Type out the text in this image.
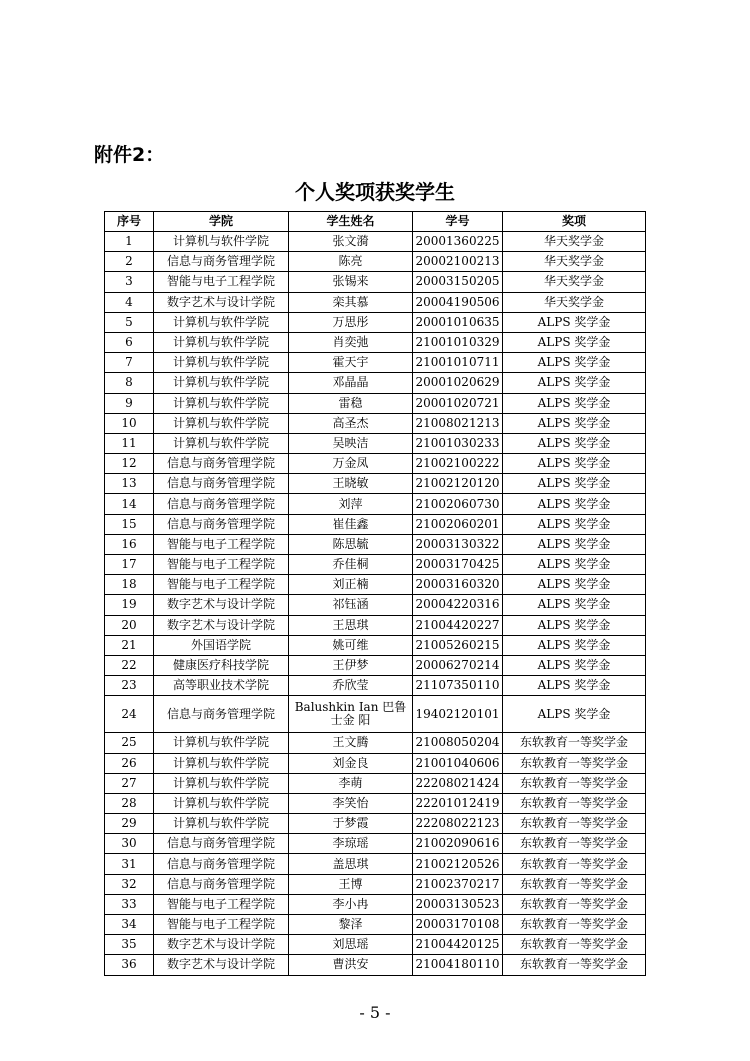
附件2：
个人奖项获奖学生
序号	学院	学生姓名	学号	奖项
1	计算机与软件学院	张文漪	20001360225	华天奖学金
2	信息与商务管理学院	陈亮	20002100213	华天奖学金
3	智能与电子工程学院	张锡来	20003150205	华天奖学金
4	数字艺术与设计学院	栾其慕	20004190506	华天奖学金
5	计算机与软件学院	万思彤	20001010635	ALPS 奖学金
6	计算机与软件学院	肖奕弛	21001010329	ALPS 奖学金
7	计算机与软件学院	霍天宇	21001010711	ALPS 奖学金
8	计算机与软件学院	邓晶晶	20001020629	ALPS 奖学金
9	计算机与软件学院	雷稳	20001020721	ALPS 奖学金
10	计算机与软件学院	高圣杰	21008021213	ALPS 奖学金
11	计算机与软件学院	吴映洁	21001030233	ALPS 奖学金
12	信息与商务管理学院	万金凤	21002100222	ALPS 奖学金
13	信息与商务管理学院	王晓敏	21002120120	ALPS 奖学金
14	信息与商务管理学院	刘萍	21002060730	ALPS 奖学金
15	信息与商务管理学院	崔佳鑫	21002060201	ALPS 奖学金
16	智能与电子工程学院	陈思毓	20003130322	ALPS 奖学金
17	智能与电子工程学院	乔佳桐	20003170425	ALPS 奖学金
18	智能与电子工程学院	刘正楠	20003160320	ALPS 奖学金
19	数字艺术与设计学院	祁钰涵	20004220316	ALPS 奖学金
20	数字艺术与设计学院	王思琪	21004420227	ALPS 奖学金
21	外国语学院	姚可维	21005260215	ALPS 奖学金
22	健康医疗科技学院	王伊梦	20006270214	ALPS 奖学金
23	高等职业技术学院	乔欣莹	21107350110	ALPS 奖学金
24	信息与商务管理学院	Balushkin Ian 巴鲁士金 阳	19402120101	ALPS 奖学金
25	计算机与软件学院	王文腾	21008050204	东软教育一等奖学金
26	计算机与软件学院	刘金良	21001040606	东软教育一等奖学金
27	计算机与软件学院	李萌	22208021424	东软教育一等奖学金
28	计算机与软件学院	李笑怡	22201012419	东软教育一等奖学金
29	计算机与软件学院	于梦霞	22208022123	东软教育一等奖学金
30	信息与商务管理学院	李琼瑶	21002090616	东软教育一等奖学金
31	信息与商务管理学院	盖思琪	21002120526	东软教育一等奖学金
32	信息与商务管理学院	王博	21002370217	东软教育一等奖学金
33	智能与电子工程学院	李小冉	20003130523	东软教育一等奖学金
34	智能与电子工程学院	黎泽	20003170108	东软教育一等奖学金
35	数字艺术与设计学院	刘思瑶	21004420125	东软教育一等奖学金
36	数字艺术与设计学院	曹洪安	21004180110	东软教育一等奖学金
- 5 -
